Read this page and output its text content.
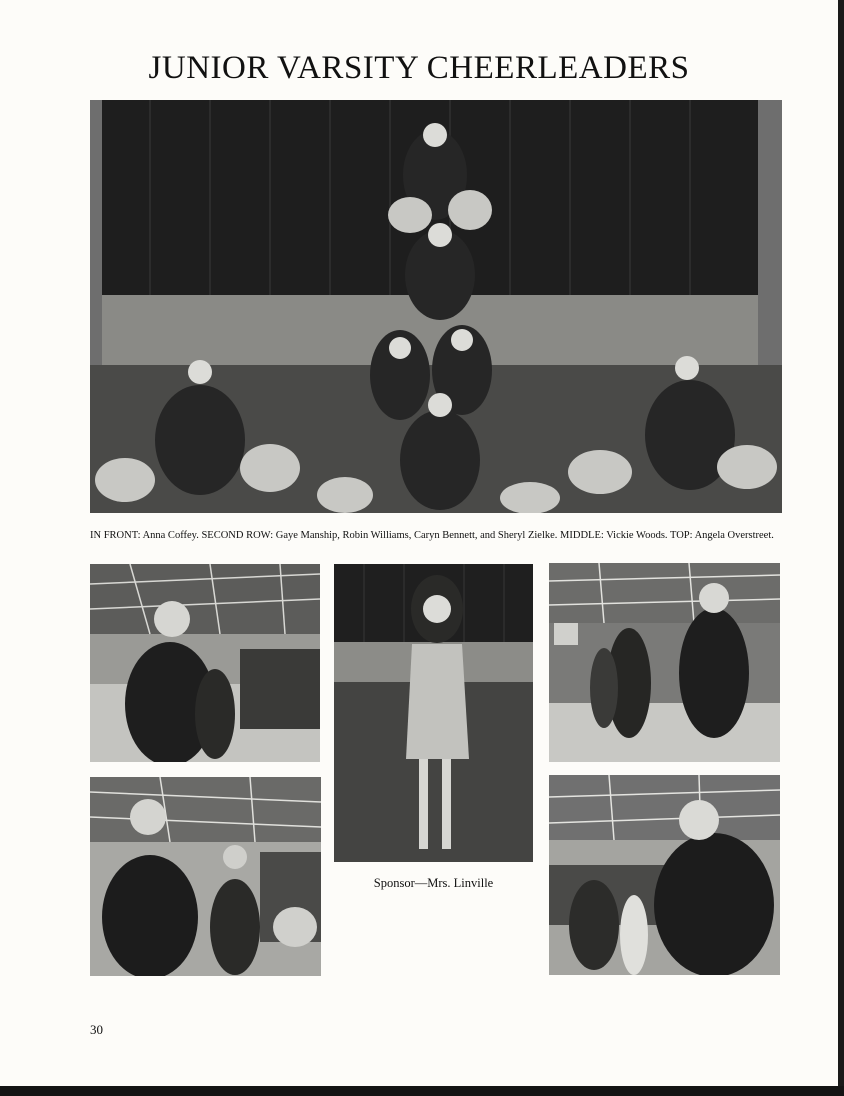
JUNIOR VARSITY CHEERLEADERS
IN FRONT: Anna Coffey. SECOND ROW: Gaye Manship, Robin Williams, Caryn Bennett, and Sheryl Zielke. MIDDLE: Vickie Woods. TOP: Angela Overstreet.
Sponsor—Mrs. Linville
30
